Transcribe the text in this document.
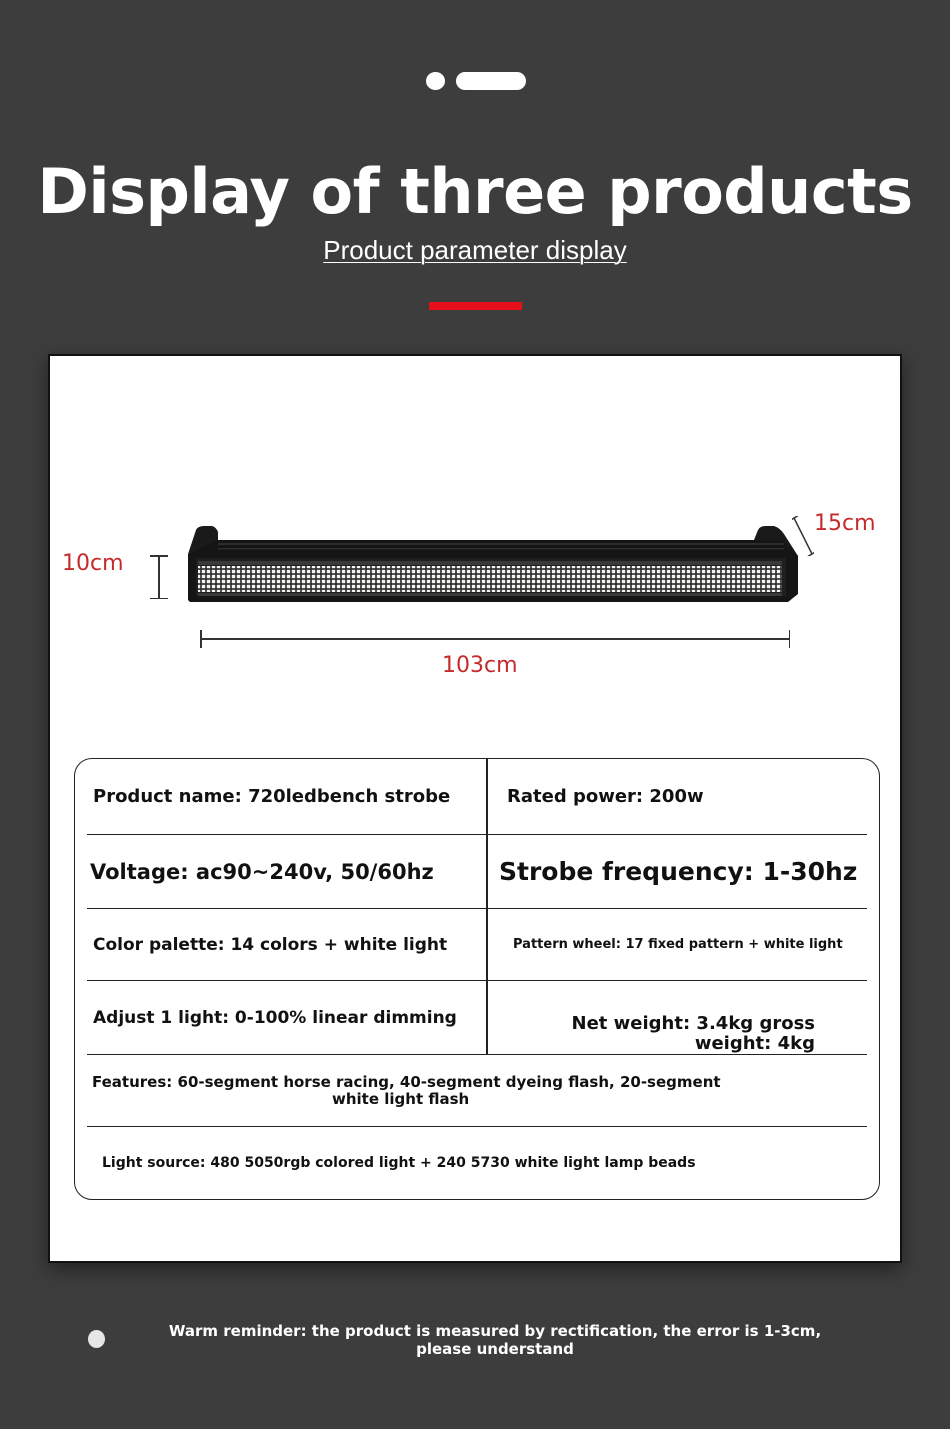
Display of three products
Product parameter display
10cm
15cm
103cm
Product name: 720ledbench strobe	Rated power: 200w
Voltage: ac90~240v, 50/60hz	Strobe frequency: 1-30hz
Color palette: 14 colors + white light	Pattern wheel: 17 fixed pattern + white light
Adjust 1 light: 0-100% linear dimming	Net weight: 3.4kg gross
weight: 4kg
Features: 60-segment horse racing, 40-segment dyeing flash, 20-segment
white light flash
Light source: 480 5050rgb colored light + 240 5730 white light lamp beads
Warm reminder: the product is measured by rectification, the error is 1-3cm, please understand
